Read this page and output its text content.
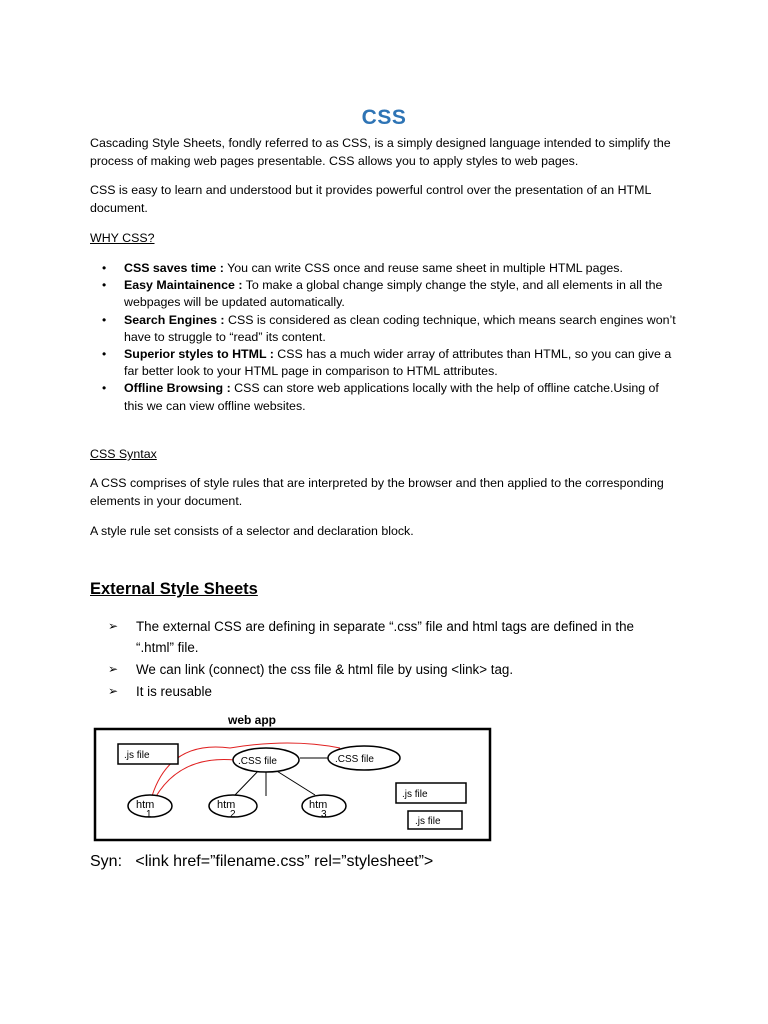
CSS

Cascading Style Sheets, fondly referred to as CSS, is a simply designed language intended to simplify the process of making web pages presentable. CSS allows you to apply styles to web pages.

CSS is easy to learn and understood but it provides powerful control over the presentation of an HTML document.

WHY CSS?

• CSS saves time : You can write CSS once and reuse same sheet in multiple HTML pages.
• Easy Maintainence : To make a global change simply change the style, and all elements in all the webpages will be updated automatically.
• Search Engines : CSS is considered as clean coding technique, which means search engines won’t have to struggle to “read” its content.
• Superior styles to HTML : CSS has a much wider array of attributes than HTML, so you can give a far better look to your HTML page in comparison to HTML attributes.
• Offline Browsing : CSS can store web applications locally with the help of offline catche.Using of this we can view offline websites.

CSS Syntax

A CSS comprises of style rules that are interpreted by the browser and then applied to the corresponding elements in your document.

A style rule set consists of a selector and declaration block.

External Style Sheets
➢ The external CSS are defining in separate “.css” file and html tags are defined in the “.html” file.
➢ We can link (connect) the css file & html file by using <link> tag.
➢ It is reusable
web app
.js file
.js file
.js file
.CSS file	.CSS file
htm
1
htm
2
htm
3

Syn:   <link href=”filename.css” rel=”stylesheet”>
